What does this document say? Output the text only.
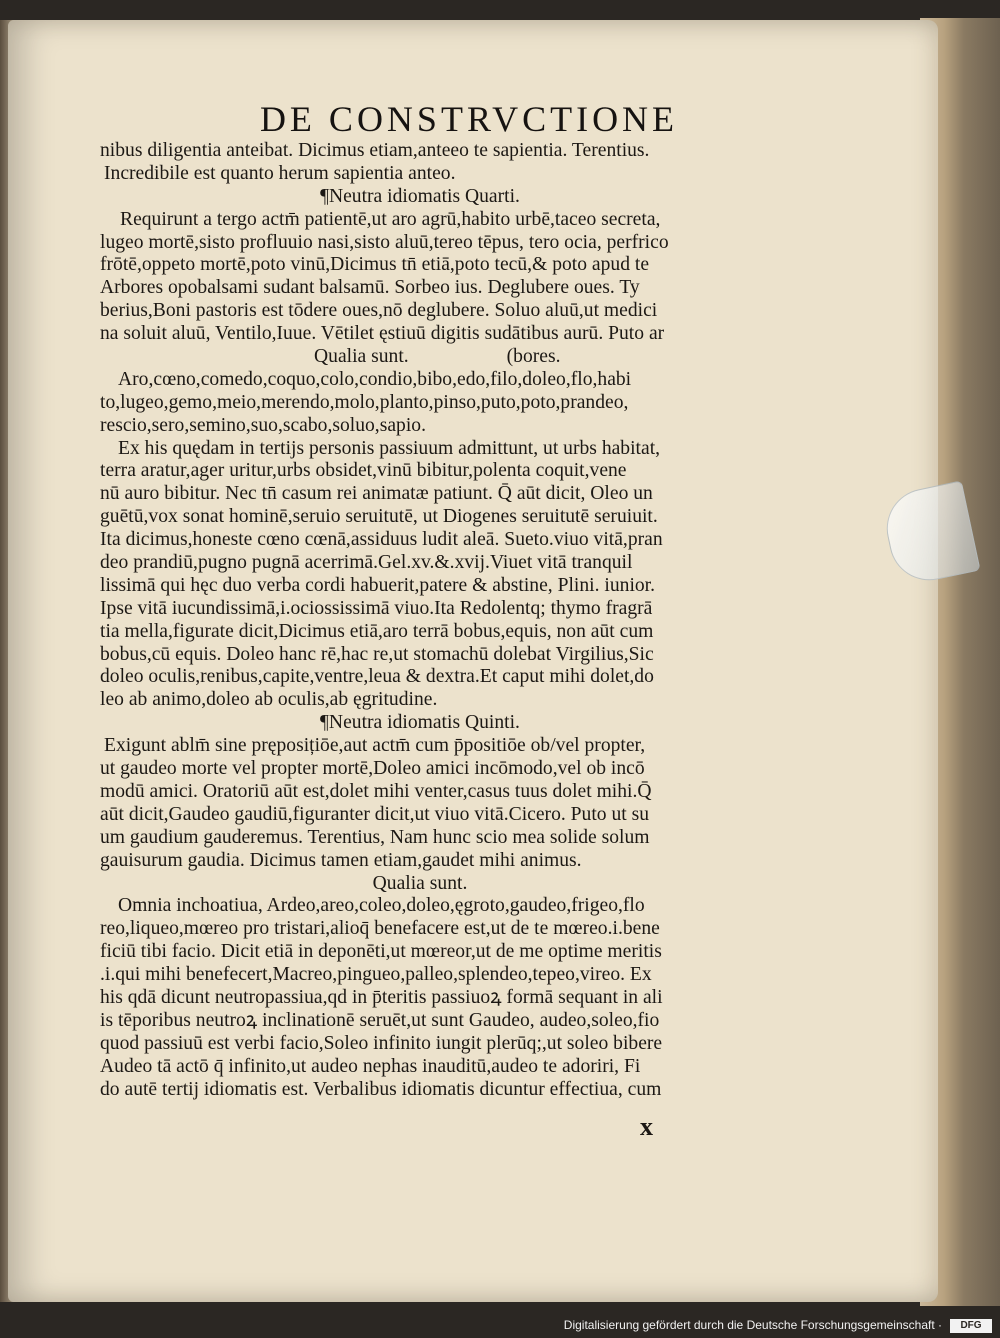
DE CONSTRVCTIONE
nibus diligentia anteibat. Dicimus etiam,anteeo te sapientia. Terentius.
Incredibile est quanto herum sapientia anteo.
¶Neutra idiomatis Quarti.
Requirunt a tergo actm̄ patientē,ut aro agrū,habito urbē,taceo secreta,
lugeo mortē,sisto profluuio nasi,sisto aluū,tereo tēpus, tero ocia, perfrico
frōtē,oppeto mortē,poto vinū,Dicimus tn̄ etiā,poto tecū,& poto apud te
Arbores opobalsami sudant balsamū. Sorbeo ius. Deglubere oues. Ty
berius,Boni pastoris est tōdere oues,nō deglubere. Soluo aluū,ut medici
na soluit aluū, Ventilo,Iuue. Vētilet ęstiuū digitis sudātibus aurū. Puto ar
Qualia sunt.                    (bores.
Aro,cœno,comedo,coquo,colo,condio,bibo,edo,filo,doleo,flo,habi
to,lugeo,gemo,meio,merendo,molo,planto,pinso,puto,poto,prandeo,
rescio,sero,semino,suo,scabo,soluo,sapio.
Ex his quędam in tertijs personis passiuum admittunt, ut urbs habitat,
terra aratur,ager uritur,urbs obsidet,vinū bibitur,polenta coquit,vene
nū auro bibitur. Nec tn̄ casum rei animatæ patiunt. Q̄ aūt dicit, Oleo un
guētū,vox sonat hominē,seruio seruitutē, ut Diogenes seruitutē seruiuit.
Ita dicimus,honeste cœno cœnā,assiduus ludit aleā. Sueto.viuo vitā,pran
deo prandiū,pugno pugnā acerrimā.Gel.xv.&.xvij.Viuet vitā tranquil
lissimā qui hęc duo verba cordi habuerit,patere & abstine, Plini. iunior.
Ipse vitā iucundissimā,i.ociossissimā viuo.Ita Redolentq; thymo fragrā
tia mella,figurate dicit,Dicimus etiā,aro terrā bobus,equis, non aūt cum
bobus,cū equis. Doleo hanc rē,hac re,ut stomachū dolebat Virgilius,Sic
doleo oculis,renibus,capite,ventre,leua & dextra.Et caput mihi dolet,do
leo ab animo,doleo ab oculis,ab ęgritudine.
¶Neutra idiomatis Quinti.
Exigunt ablm̄ sine pręposițiōe,aut actm̄ cum p̄positiōe ob/vel propter,
ut gaudeo morte vel propter mortē,Doleo amici incōmodo,vel ob incō
modū amici. Oratoriū aūt est,dolet mihi venter,casus tuus dolet mihi.Q̄
aūt dicit,Gaudeo gaudiū,figuranter dicit,ut viuo vitā.Cicero. Puto ut su
um gaudium gauderemus. Terentius, Nam hunc scio mea solide solum
gauisurum gaudia. Dicimus tamen etiam,gaudet mihi animus.
Qualia sunt.
Omnia inchoatiua, Ardeo,areo,coleo,doleo,ęgroto,gaudeo,frigeo,flo
reo,liqueo,mœreo pro tristari,alioq̄ benefacere est,ut de te mœreo.i.bene
ficiū tibi facio. Dicit etiā in deponēti,ut mœreor,ut de me optime meritis
.i.qui mihi benefecert,Macreo,pingueo,palleo,splendeo,tepeo,vireo. Ex
his qdā dicunt neutropassiua,qd in p̄teritis passiuoꝝ formā sequant in ali
is tēporibus neutroꝝ inclinationē seruēt,ut sunt Gaudeo, audeo,soleo,fio
quod passiuū est verbi facio,Soleo infinito iungit plerūq;,ut soleo bibere
Audeo tā actō q̄ infinito,ut audeo nephas inauditū,audeo te adoriri, Fi
do autē tertij idiomatis est. Verbalibus idiomatis dicuntur effectiua, cum
x
Digitalisierung gefördert durch die Deutsche Forschungsgemeinschaft ·	DFG
